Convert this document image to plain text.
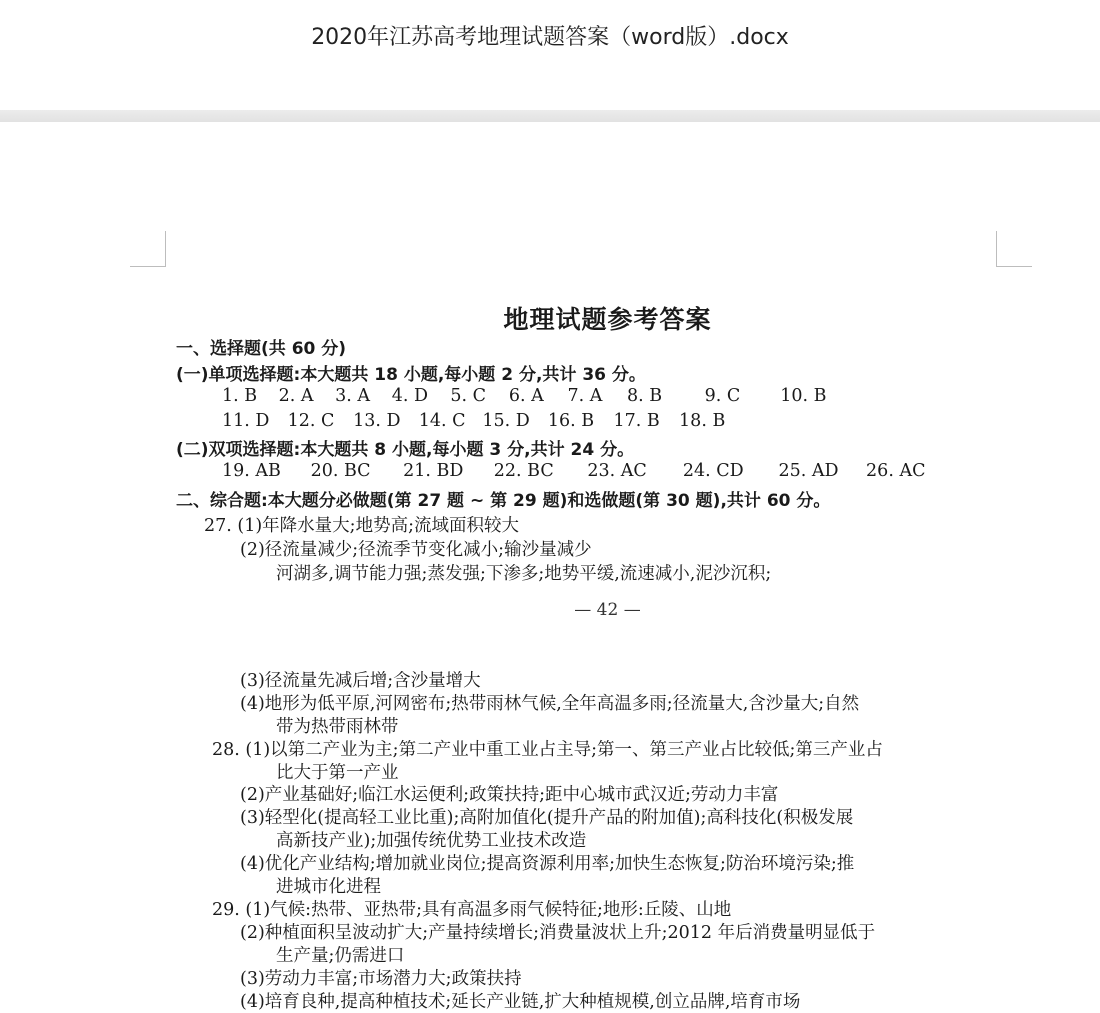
2020年江苏高考地理试题答案（word版）.docx
地理试题参考答案
一、选择题(共 60 分)
(一)单项选择题:本大题共 18 小题,每小题 2 分,共计 36 分。
1. B 2. A 3. A 4. D 5. C 6. A 7. A 8. B 9. C 10. B
11. D 12. C 13. D 14. C 15. D 16. B 17. B 18. B
(二)双项选择题:本大题共 8 小题,每小题 3 分,共计 24 分。
19. AB 20. BC 21. BD 22. BC 23. AC 24. CD 25. AD 26. AC
二、综合题:本大题分必做题(第 27 题 ~ 第 29 题)和选做题(第 30 题),共计 60 分。
27. (1)年降水量大;地势高;流域面积较大
(2)径流量减少;径流季节变化减小;输沙量减少
河湖多,调节能力强;蒸发强;下渗多;地势平缓,流速减小,泥沙沉积;
— 42 —
(3)径流量先减后增;含沙量增大
(4)地形为低平原,河网密布;热带雨林气候,全年高温多雨;径流量大,含沙量大;自然
带为热带雨林带
28. (1)以第二产业为主;第二产业中重工业占主导;第一、第三产业占比较低;第三产业占
比大于第一产业
(2)产业基础好;临江水运便利;政策扶持;距中心城市武汉近;劳动力丰富
(3)轻型化(提高轻工业比重);高附加值化(提升产品的附加值);高科技化(积极发展
高新技产业);加强传统优势工业技术改造
(4)优化产业结构;增加就业岗位;提高资源利用率;加快生态恢复;防治环境污染;推
进城市化进程
29. (1)气候:热带、亚热带;具有高温多雨气候特征;地形:丘陵、山地
(2)种植面积呈波动扩大;产量持续增长;消费量波状上升;2012 年后消费量明显低于
生产量;仍需进口
(3)劳动力丰富;市场潜力大;政策扶持
(4)培育良种,提高种植技术;延长产业链,扩大种植规模,创立品牌,培育市场
